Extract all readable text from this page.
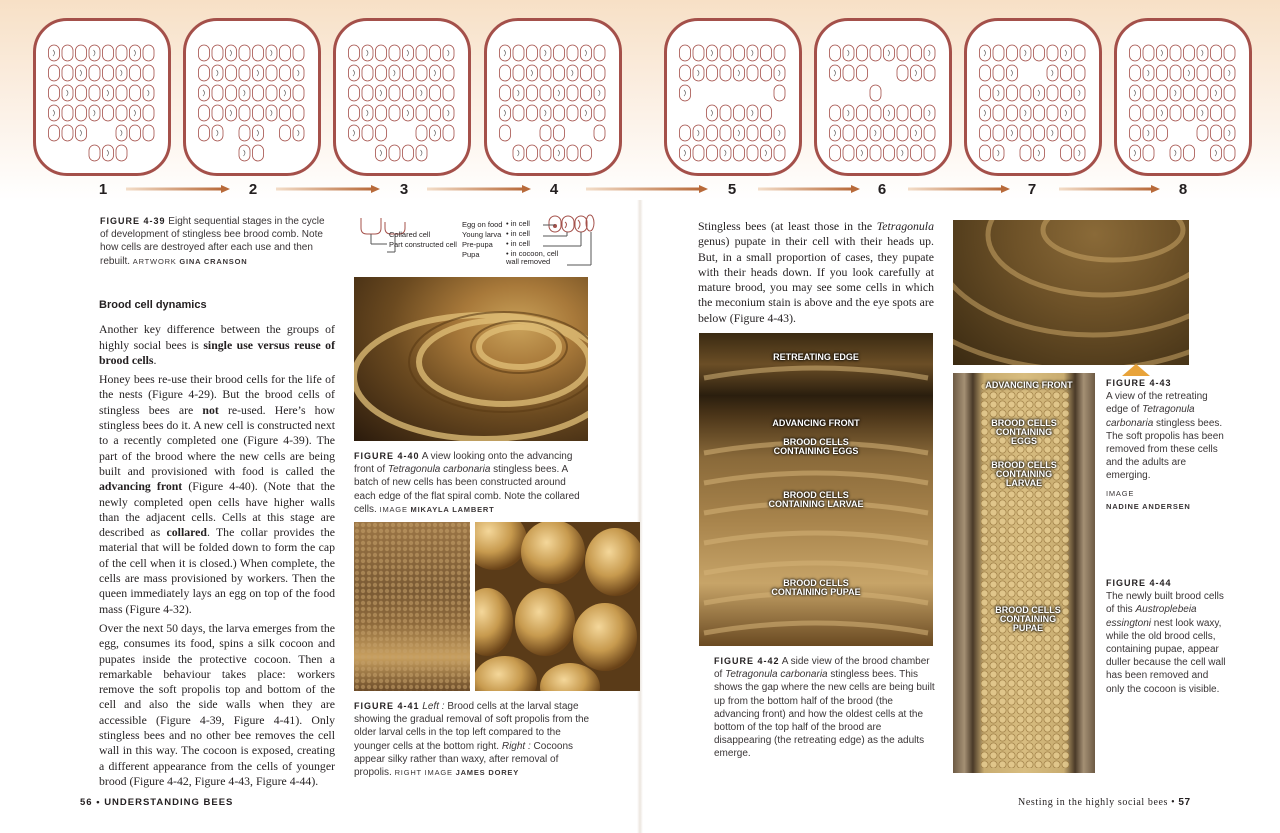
1	2	3	4	5	6	7	8
FIGURE 4-39 Eight sequential stages in the cycle of development of stingless bee brood comb. Note how cells are destroyed after each use and then rebuilt. ARTWORK GINA CRANSON
Collared cell
Part constructed cell
Egg on food • in cell
Young larva • in cell
Pre-pupa	• in cell
Pupa	• in cocoon, cell wall removed
Brood cell dynamics

Another key difference between the groups of highly social bees is single use versus reuse of brood cells.

Honey bees re-use their brood cells for the life of the nests (Figure 4-29). But the brood cells of stingless bees are not re-used. Here’s how stingless bees do it. A new cell is constructed next to a recently completed one (Figure 4-39). The part of the brood where the new cells are being built and provisioned with food is called the advancing front (Figure 4-40). (Note that the newly completed open cells have higher walls than the adjacent cells. Cells at this stage are described as collared. The collar provides the material that will be folded down to form the cap of the cell when it is closed.) When complete, the cells are mass provisioned by workers. Then the queen immediately lays an egg on top of the food mass (Figure 4-32).

Over the next 50 days, the larva emerges from the egg, consumes its food, spins a silk cocoon and pupates inside the protective cocoon. Then a remarkable behaviour takes place: workers remove the soft propolis top and bottom of the cell and also the side walls when they are accessible (Figure 4-39, Figure 4-41). Only stingless bees and no other bee removes the cell wall in this way. The cocoon is exposed, creating a different appearance from the cells of younger brood (Figure 4-42, Figure 4-43, Figure 4-44).

FIGURE 4-40 A view looking onto the advancing front of Tetragonula carbonaria stingless bees. A batch of new cells has been constructed around each edge of the flat spiral comb. Note the collared cells. IMAGE MIKAYLA LAMBERT
FIGURE 4-41 Left : Brood cells at the larval stage showing the gradual removal of soft propolis from the older larval cells in the top left compared to the younger cells at the bottom right. Right : Cocoons appear silky rather than waxy, after removal of propolis. RIGHT IMAGE JAMES DOREY

Stingless bees (at least those in the Tetragonula genus) pupate in their cell with their heads up. But, in a small proportion of cases, they pupate with their heads down. If you look carefully at mature brood, you may see some cells in which the meconium stain is above and the eye spots are below (Figure 4-43).

RETREATING EDGE
ADVANCING FRONT
BROOD CELLS
CONTAINING EGGS
BROOD CELLS
CONTAINING LARVAE
BROOD CELLS
CONTAINING PUPAE
FIGURE 4-42 A side view of the brood chamber of Tetragonula carbonaria stingless bees. This shows the gap where the new cells are being built up from the bottom half of the brood (the advancing front) and how the oldest cells at the bottom of the top half of the brood are disappearing (the retreating edge) as the adults emerge.
FIGURE 4-43
A view of the retreating edge of Tetragonula carbonaria stingless bees. The soft propolis has been removed from these cells and the adults are emerging.
IMAGE
NADINE ANDERSEN
ADVANCING FRONT
BROOD CELLS
CONTAINING
EGGS
BROOD CELLS
CONTAINING
LARVAE
BROOD CELLS
CONTAINING
PUPAE
FIGURE 4-44
The newly built brood cells of this Austroplebeia essingtoni nest look waxy, while the old brood cells, containing pupae, appear duller because the cell wall has been removed and only the cocoon is visible.
56 • UNDERSTANDING BEES	Nesting in the highly social bees • 57
